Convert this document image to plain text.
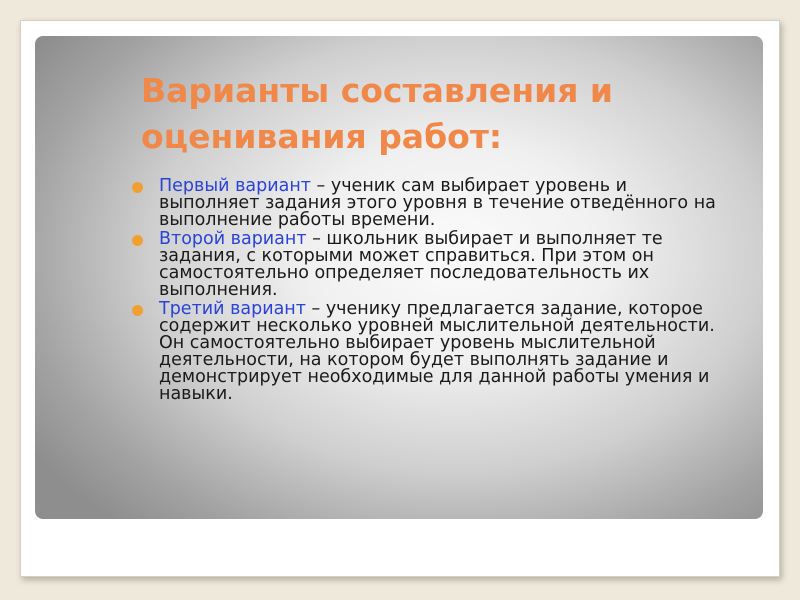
Варианты составления и оценивания работ:
Первый вариант – ученик сам выбирает уровень и выполняет задания этого уровня в течение отведённого на выполнение работы времени.
Второй вариант – школьник выбирает и выполняет те задания, с которыми может справиться. При этом он самостоятельно определяет последовательность их выполнения.
Третий вариант – ученику предлагается задание, которое содержит несколько уровней мыслительной деятельности. Он самостоятельно выбирает уровень мыслительной деятельности, на котором будет выполнять задание и демонстрирует необходимые для данной работы умения и навыки.
